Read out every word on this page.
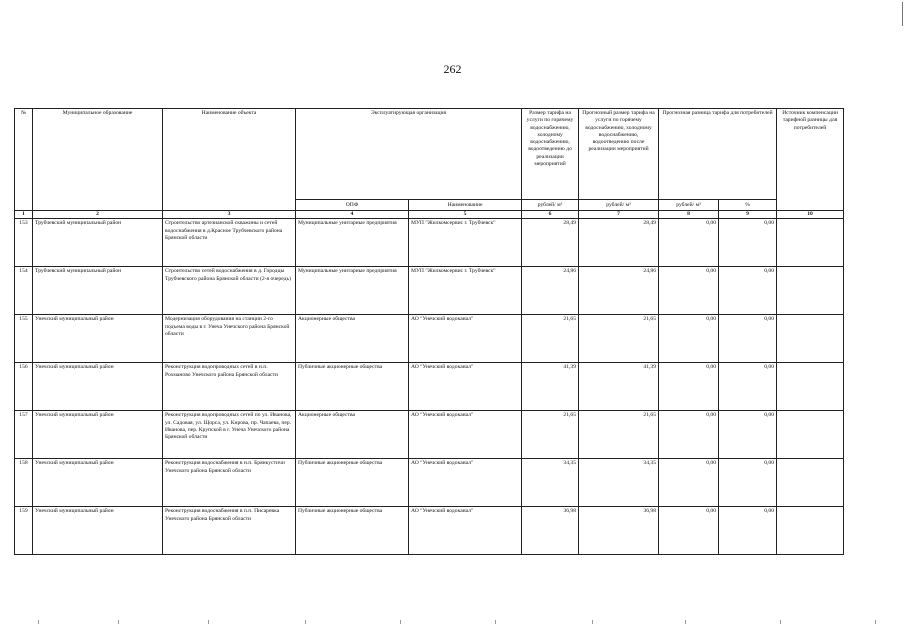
262
№	Муниципальное образование	Наименование объекта	Эксплуатирующая организация		Размер тарифа на услуги по горячему водоснабжению, холодному водоснабжению, водоотведению до реализации мероприятий	Прогнозный размер тарифа на услуги по горячему водоснабжению, холодному водоснабжению, водоотведению после реализации мероприятий	Прогнозная разница тарифа для потребителей		Источник компенсации тарифной разницы для потребителей
			ОПФ	Наименование	рублей/ м³	рублей/ м³	рублей/ м³	%	
1	2	3	4	5	6	7	8	9	10
153	Трубчевский муниципальный район	Строительство артезианской скважины и сетей водоснабжения в д.Красное Трубчевского района Брянской области	Муниципальные унитарные предприятия	МУП "Жилкомсервис г. Трубчевск"	28,49	28,49	0,00	0,00	
154	Трубчевский муниципальный район	Строительство сетей водоснабжения в д. Городцы Трубчевского района Брянской области (2-я очередь)	Муниципальные унитарные предприятия	МУП "Жилкомсервис г. Трубчевск"	24,86	24,86	0,00	0,00	
155	Унечский муниципальный район	Модернизация оборудования на станции 2-го подъема воды в г. Унеча Унечского района Брянской области	Акционерные общества	АО "Унечский водоканал"	21,65	21,65	0,00	0,00	
156	Унечский муниципальный район	Реконструкция водопроводных сетей в н.п. Рохманово Унечского района Брянской области	Публичные акционерные общества	АО "Унечский водоканал"	41,39	41,39	0,00	0,00	
157	Унечский муниципальный район	Реконструкция водопроводных сетей по ул. Иванова, ул. Садовая, ул. Щорса, ул. Кирова, пр. Чапаева, пер. Иванова, пер. Крупской в г. Унеча Унечского района Брянской области	Акционерные общества	АО "Унечский водоканал"	21,65	21,65	0,00	0,00	
158	Унечский муниципальный район	Реконструкция водоснабжения в н.п. Брянкустичи Унечского района Брянской области	Публичные акционерные общества	АО "Унечский водоканал"	34,35	34,35	0,00	0,00	
159	Унечский муниципальный район	Реконструкция водоснабжения в п.п. Писаревка Унечского района Брянской области	Публичные акционерные общества	АО "Унечский водоканал"	36,98	36,98	0,00	0,00	
